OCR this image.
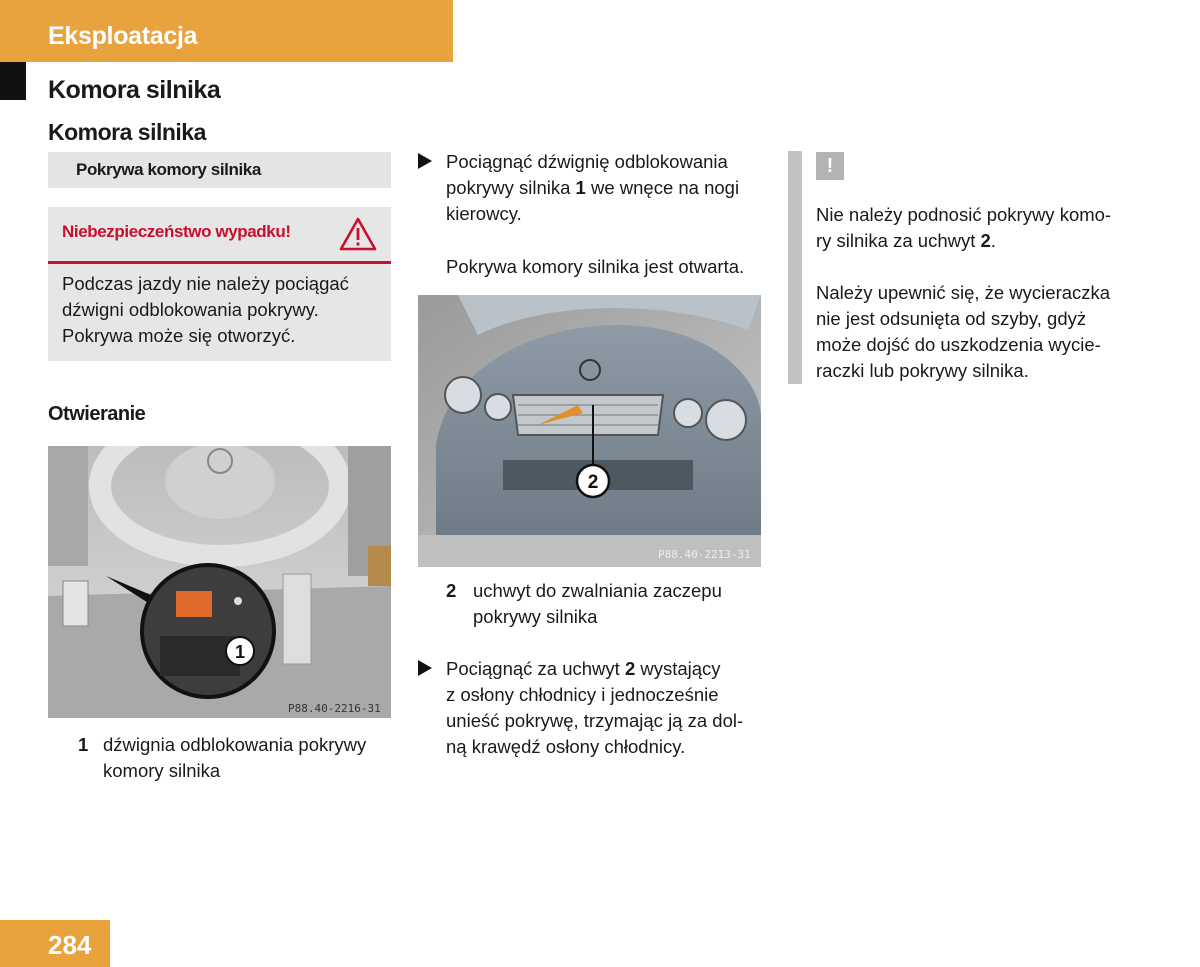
Eksploatacja
Komora silnika
Komora silnika
Pokrywa komory silnika
Niebezpieczeństwo wypadku!
Podczas jazdy nie należy pociągać
dźwigni odblokowania pokrywy.
Pokrywa może się otworzyć.
Otwieranie
1
P88.40-2216-31
1 dźwignia odblokowania pokrywy
komory silnika
Pociągnąć dźwignię odblokowania
pokrywy silnika 1 we wnęce na nogi
kierowcy.
Pokrywa komory silnika jest otwarta.
2
P88.40-2213-31
2 uchwyt do zwalniania zaczepu
pokrywy silnika
Pociągnąć za uchwyt 2 wystający
z osłony chłodnicy i jednocześnie
unieść pokrywę, trzymając ją za dol-
ną krawędź osłony chłodnicy.
!
Nie należy podnosić pokrywy komo-
ry silnika za uchwyt 2.
Należy upewnić się, że wycieraczka
nie jest odsunięta od szyby, gdyż
może dojść do uszkodzenia wycie-
raczki lub pokrywy silnika.
284
